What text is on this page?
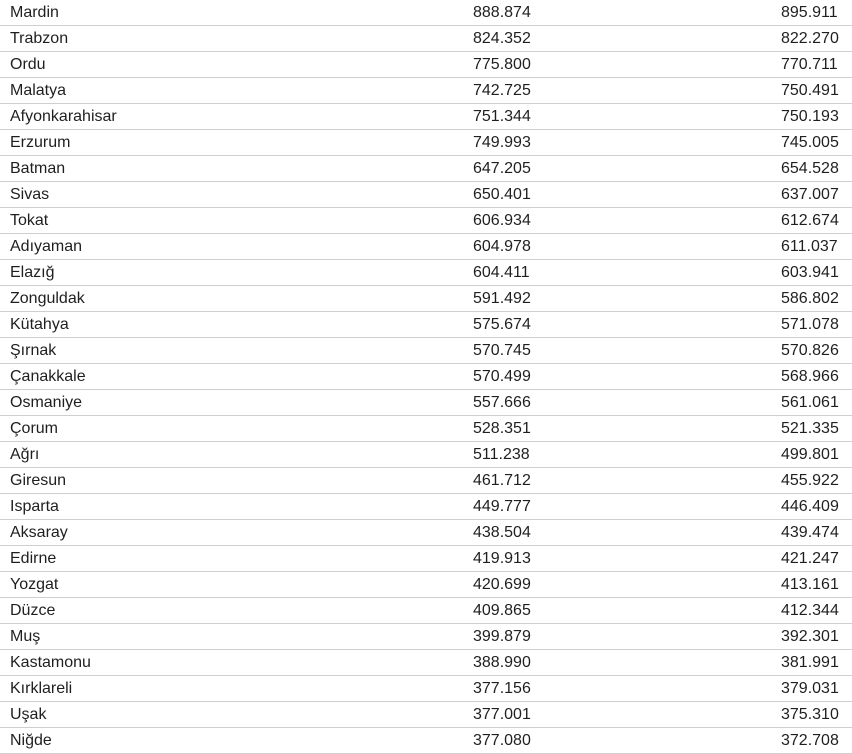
Mardin	888.874	895.911
Trabzon	824.352	822.270
Ordu	775.800	770.711
Malatya	742.725	750.491
Afyonkarahisar	751.344	750.193
Erzurum	749.993	745.005
Batman	647.205	654.528
Sivas	650.401	637.007
Tokat	606.934	612.674
Adıyaman	604.978	611.037
Elazığ	604.411	603.941
Zonguldak	591.492	586.802
Kütahya	575.674	571.078
Şırnak	570.745	570.826
Çanakkale	570.499	568.966
Osmaniye	557.666	561.061
Çorum	528.351	521.335
Ağrı	511.238	499.801
Giresun	461.712	455.922
Isparta	449.777	446.409
Aksaray	438.504	439.474
Edirne	419.913	421.247
Yozgat	420.699	413.161
Düzce	409.865	412.344
Muş	399.879	392.301
Kastamonu	388.990	381.991
Kırklareli	377.156	379.031
Uşak	377.001	375.310
Niğde	377.080	372.708
